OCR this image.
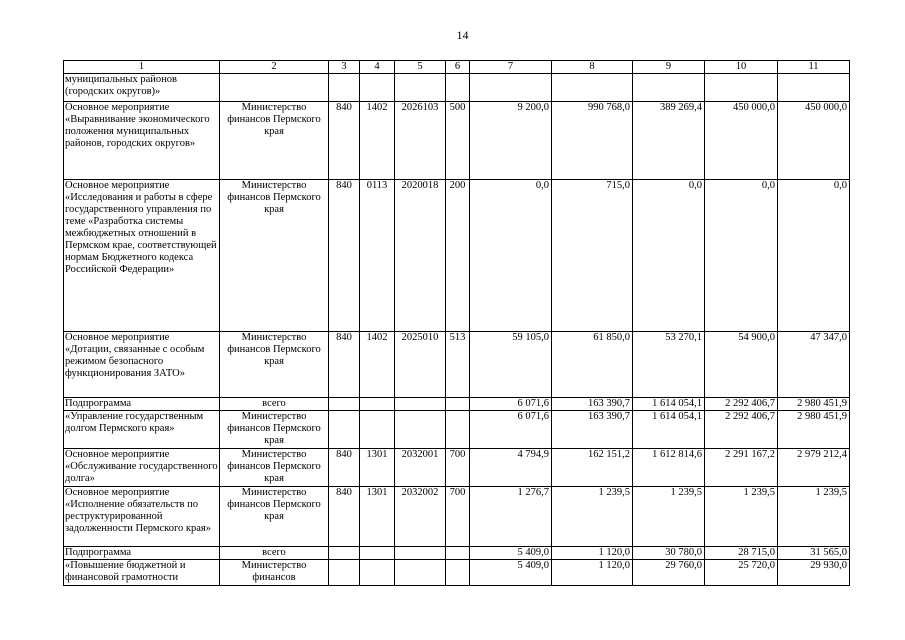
14
1	2	3	4	5	6	7	8	9	10	11
муниципальных районов (городских округов)»										
Основное мероприятие «Выравнивание экономического положения муниципальных районов, городских округов»	Министерство финансов Пермского края	840	1402	2026103	500	9 200,0	990 768,0	389 269,4	450 000,0	450 000,0
Основное мероприятие «Исследования и работы в сфере государственного управления по теме «Разработка системы межбюджетных отношений в Пермском крае, соответствующей нормам Бюджетного кодекса Российской Федерации»	Министерство финансов Пермского края	840	0113	2020018	200	0,0	715,0	0,0	0,0	0,0
Основное мероприятие «Дотации, связанные с особым режимом безопасного функционирования ЗАТО»	Министерство финансов Пермского края	840	1402	2025010	513	59 105,0	61 850,0	53 270,1	54 900,0	47 347,0
Подпрограмма	всего					6 071,6	163 390,7	1 614 054,1	2 292 406,7	2 980 451,9
«Управление государственным долгом Пермского края»	Министерство финансов Пермского края					6 071,6	163 390,7	1 614 054,1	2 292 406,7	2 980 451,9
Основное мероприятие «Обслуживание государственного долга»	Министерство финансов Пермского края	840	1301	2032001	700	4 794,9	162 151,2	1 612 814,6	2 291 167,2	2 979 212,4
Основное мероприятие «Исполнение обязательств по реструктурированной задолженности Пермского края»	Министерство финансов Пермского края	840	1301	2032002	700	1 276,7	1 239,5	1 239,5	1 239,5	1 239,5
Подпрограмма	всего					5 409,0	1 120,0	30 780,0	28 715,0	31 565,0
«Повышение бюджетной и финансовой грамотности	Министерство финансов					5 409,0	1 120,0	29 760,0	25 720,0	29 930,0
